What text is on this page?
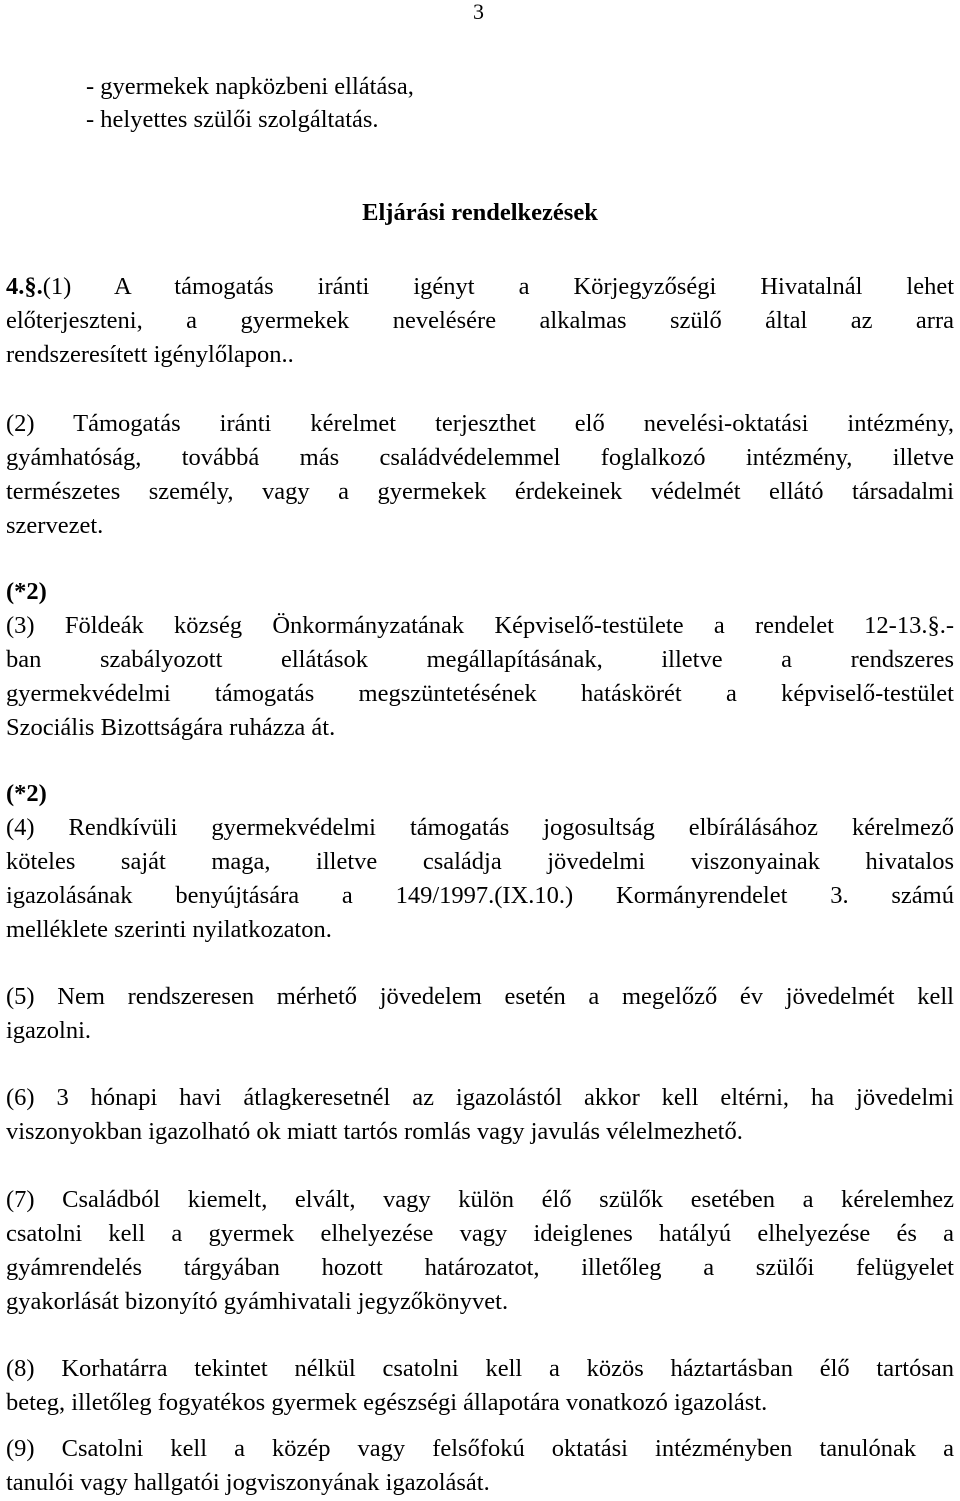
3
- gyermekek napközbeni ellátása,
- helyettes szülői szolgáltatás.
Eljárási rendelkezések
4.§.(1) A támogatás iránti igényt a Körjegyzőségi Hivatalnál lehet
előterjeszteni, a gyermekek nevelésére alkalmas szülő által az arra
rendszeresített igénylőlapon..
(2) Támogatás iránti kérelmet terjeszthet elő nevelési-oktatási intézmény,
gyámhatóság, továbbá más családvédelemmel foglalkozó intézmény, illetve
természetes személy, vagy a gyermekek érdekeinek védelmét ellátó társadalmi
szervezet.
(*2)
(3) Földeák község Önkormányzatának Képviselő-testülete a rendelet 12-13.§.-
ban szabályozott ellátások megállapításának, illetve a rendszeres
gyermekvédelmi támogatás megszüntetésének hatáskörét a képviselő-testület
Szociális Bizottságára ruházza át.
(*2)
(4) Rendkívüli gyermekvédelmi támogatás jogosultság elbírálásához kérelmező
köteles saját maga, illetve családja jövedelmi viszonyainak hivatalos
igazolásának benyújtására a 149/1997.(IX.10.) Kormányrendelet 3. számú
melléklete szerinti nyilatkozaton.
(5) Nem rendszeresen mérhető jövedelem esetén a megelőző év jövedelmét kell
igazolni.
(6) 3 hónapi havi átlagkeresetnél az igazolástól akkor kell eltérni, ha jövedelmi
viszonyokban igazolható ok miatt tartós romlás vagy javulás vélelmezhető.
(7) Családból kiemelt, elvált, vagy külön élő szülők esetében a kérelemhez
csatolni kell a gyermek elhelyezése vagy ideiglenes hatályú elhelyezése és a
gyámrendelés tárgyában hozott határozatot, illetőleg a szülői felügyelet
gyakorlását bizonyító gyámhivatali jegyzőkönyvet.
(8) Korhatárra tekintet nélkül csatolni kell a közös háztartásban élő tartósan
beteg, illetőleg fogyatékos gyermek egészségi állapotára vonatkozó igazolást.
(9) Csatolni kell a közép vagy felsőfokú oktatási intézményben tanulónak a
tanulói vagy hallgatói jogviszonyának igazolását.
